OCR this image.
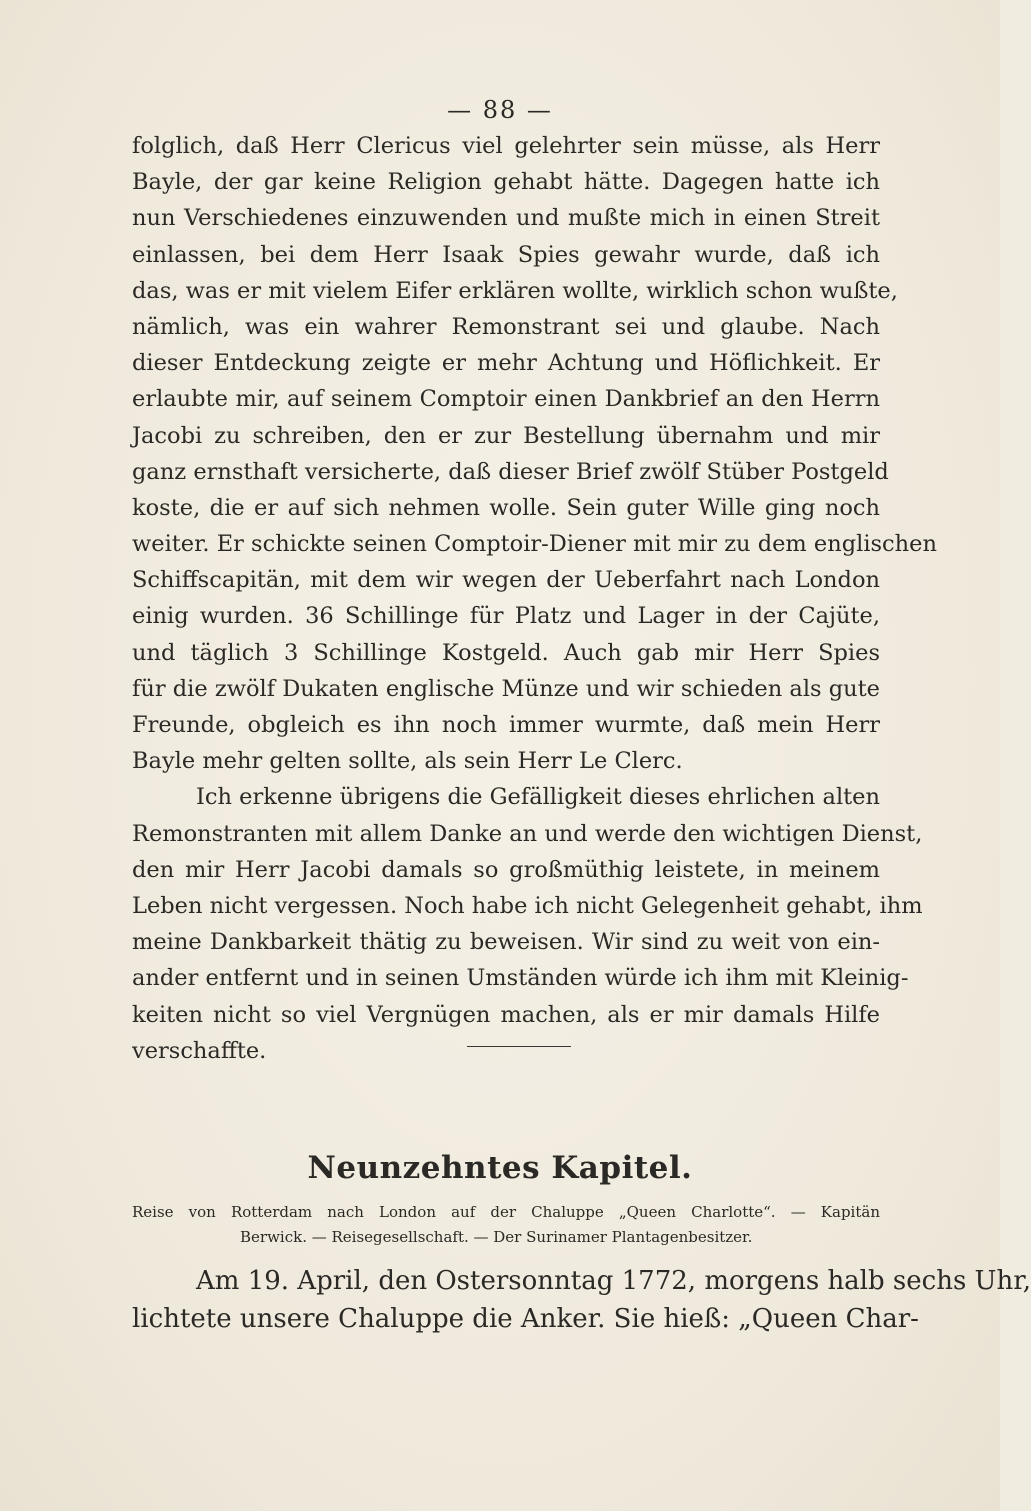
— 88 —
folglich, daß Herr Clericus viel gelehrter sein müsse, als Herr
Bayle, der gar keine Religion gehabt hätte. Dagegen hatte ich
nun Verschiedenes einzuwenden und mußte mich in einen Streit
einlassen, bei dem Herr Isaak Spies gewahr wurde, daß ich
das, was er mit vielem Eifer erklären wollte, wirklich schon wußte,
nämlich, was ein wahrer Remonstrant sei und glaube. Nach
dieser Entdeckung zeigte er mehr Achtung und Höflichkeit. Er
erlaubte mir, auf seinem Comptoir einen Dankbrief an den Herrn
Jacobi zu schreiben, den er zur Bestellung übernahm und mir
ganz ernsthaft versicherte, daß dieser Brief zwölf Stüber Postgeld
koste, die er auf sich nehmen wolle. Sein guter Wille ging noch
weiter. Er schickte seinen Comptoir-Diener mit mir zu dem englischen
Schiffscapitän, mit dem wir wegen der Ueberfahrt nach London
einig wurden. 36 Schillinge für Platz und Lager in der Cajüte,
und täglich 3 Schillinge Kostgeld. Auch gab mir Herr Spies
für die zwölf Dukaten englische Münze und wir schieden als gute
Freunde, obgleich es ihn noch immer wurmte, daß mein Herr
Bayle mehr gelten sollte, als sein Herr Le Clerc.
Ich erkenne übrigens die Gefälligkeit dieses ehrlichen alten
Remonstranten mit allem Danke an und werde den wichtigen Dienst,
den mir Herr Jacobi damals so großmüthig leistete, in meinem
Leben nicht vergessen. Noch habe ich nicht Gelegenheit gehabt, ihm
meine Dankbarkeit thätig zu beweisen. Wir sind zu weit von ein-
ander entfernt und in seinen Umständen würde ich ihm mit Kleinig-
keiten nicht so viel Vergnügen machen, als er mir damals Hilfe
verschaffte.
Neunzehntes Kapitel.
Reise von Rotterdam nach London auf der Chaluppe „Queen Charlotte“. — Kapitän
Berwick. — Reisegesellschaft. — Der Surinamer Plantagenbesitzer.
Am 19. April, den Ostersonntag 1772, morgens halb sechs Uhr,
lichtete unsere Chaluppe die Anker. Sie hieß: „Queen Char-
